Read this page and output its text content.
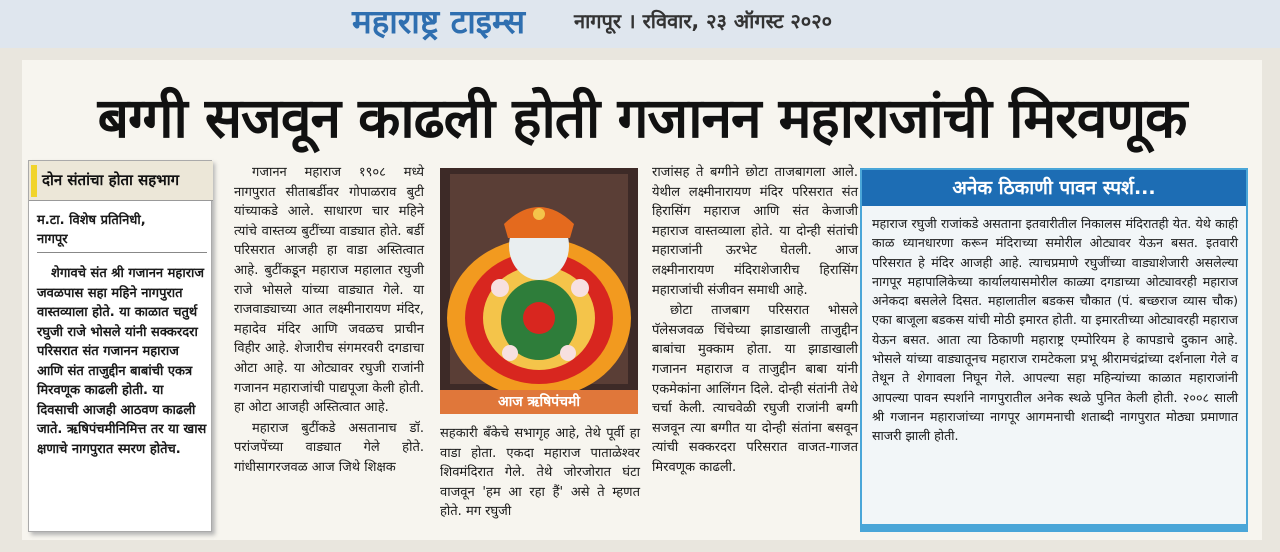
महाराष्ट्र टाइम्स नागपूर । रविवार, २३ ऑगस्ट २०२०
बग्गी सजवून काढली होती गजानन महाराजांची मिरवणूक
दोन संतांचा होता सहभाग
म.टा. विशेष प्रतिनिधी,
नागपूर

शेगावचे संत श्री गजानन महाराज जवळपास सहा महिने नागपुरात वास्तव्याला होते. या काळात चतुर्थ रघुजी राजे भोसले यांनी सक्करदरा परिसरात संत गजानन महाराज आणि संत ताजुद्दीन बाबांची एकत्र मिरवणूक काढली होती. या दिवसाची आजही आठवण काढली जाते. ऋषिपंचमीनिमित्त तर या खास क्षणाचे नागपुरात स्मरण होतेच.

गजानन महाराज १९०८ मध्ये नागपुरात सीताबर्डीवर गोपाळराव बुटी यांच्याकडे आले. साधारण चार महिने त्यांचे वास्तव्य बुटींच्या वाड्यात होते. बर्डी परिसरात आजही हा वाडा अस्तित्वात आहे. बुटींकडून महाराज महालात रघुजी राजे भोसले यांच्या वाड्यात गेले. या राजवाड्याच्या आत लक्ष्मीनारायण मंदिर, महादेव मंदिर आणि जवळच प्राचीन विहीर आहे. शेजारीच संगमरवरी दगडाचा ओटा आहे. या ओट्यावर रघुजी राजांनी गजानन महाराजांची पाद्यपूजा केली होती. हा ओटा आजही अस्तित्वात आहे.

महाराज बुटींकडे असतानाच डॉ. परांजपेंच्या वाड्यात गेले होते. गांधीसागरजवळ आज जिथे शिक्षक

आज ऋषिपंचमी

सहकारी बँकेचे सभागृह आहे, तेथे पूर्वी हा वाडा होता. एकदा महाराज पाताळेश्वर शिवमंदिरात गेले. तेथे जोरजोरात घंटा वाजवून 'हम आ रहा हैं' असे ते म्हणत होते. मग रघुजी

राजांसह ते बग्गीने छोटा ताजबागला आले. येथील लक्ष्मीनारायण मंदिर परिसरात संत हिरासिंग महाराज आणि संत केजाजी महाराज वास्तव्याला होते. या दोन्ही संतांची महाराजांनी ऊरभेट घेतली. आज लक्ष्मीनारायण मंदिराशेजारीच हिरासिंग महाराजांची संजीवन समाधी आहे.

छोटा ताजबाग परिसरात भोसले पॅलेसजवळ चिंचेच्या झाडाखाली ताजुद्दीन बाबांचा मुक्काम होता. या झाडाखाली गजानन महाराज व ताजुद्दीन बाबा यांनी एकमेकांना आलिंगन दिले. दोन्ही संतांनी तेथे चर्चा केली. त्याचवेळी रघुजी राजांनी बग्गी सजवून त्या बग्गीत या दोन्ही संतांना बसवून त्यांची सक्करदरा परिसरात वाजत-गाजत मिरवणूक काढली.

अनेक ठिकाणी पावन स्पर्श...

महाराज रघुजी राजांकडे असताना इतवारीतील निकालस मंदिरातही येत. येथे काही काळ ध्यानधारणा करून मंदिराच्या समोरील ओट्यावर येऊन बसत. इतवारी परिसरात हे मंदिर आजही आहे. त्याचप्रमाणे रघुजींच्या वाड्याशेजारी असलेल्या नागपूर महापालिकेच्या कार्यालयासमोरील काळ्या दगडाच्या ओट्यावरही महाराज अनेकदा बसलेले दिसत. महालातील बडकस चौकात (पं. बच्छराज व्यास चौक) एका बाजूला बडकस यांची मोठी इमारत होती. या इमारतीच्या ओट्यावरही महाराज येऊन बसत. आता त्या ठिकाणी महाराष्ट्र एम्पोरियम हे कापडाचे दुकान आहे. भोसले यांच्या वाड्यातूनच महाराज रामटेकला प्रभू श्रीरामचंद्रांच्या दर्शनाला गेले व तेथून ते शेगावला निघून गेले. आपल्या सहा महिन्यांच्या काळात महाराजांनी आपल्या पावन स्पर्शाने नागपुरातील अनेक स्थळे पुनित केली होती. २००८ साली श्री गजानन महाराजांच्या नागपूर आगमनाची शताब्दी नागपुरात मोठ्या प्रमाणात साजरी झाली होती.
